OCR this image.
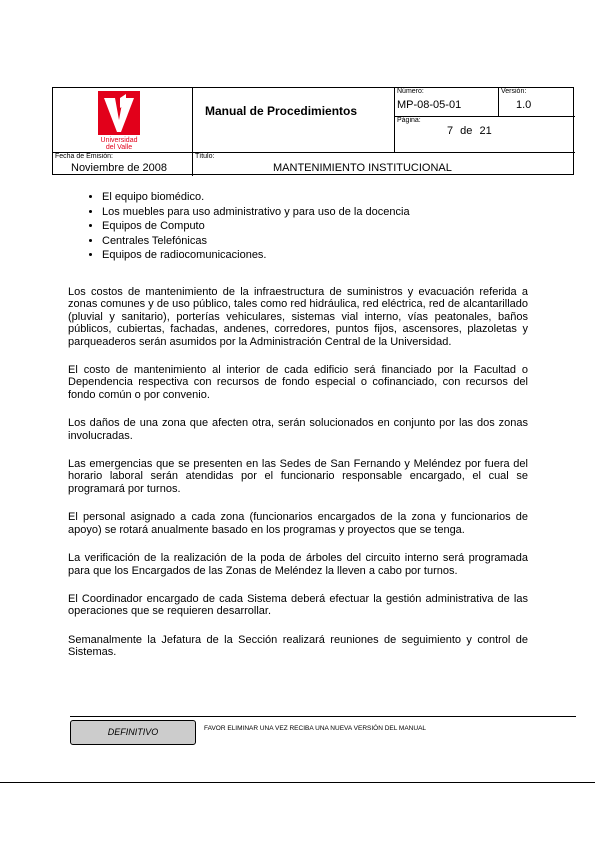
Universidad
del Valle
Manual de Procedimientos
Número:
MP-08-05-01
Versión:
1.0
Página:
7 de 21
Fecha de Emisión:
Noviembre de 2008
Título:
MANTENIMIENTO INSTITUCIONAL
• El equipo biomédico.
• Los muebles para uso administrativo y para uso de la docencia
• Equipos de Computo
• Centrales Telefónicas
• Equipos de radiocomunicaciones.

Los costos de mantenimiento de la infraestructura de suministros y evacuación referida a zonas comunes y de uso público, tales como red hidráulica, red eléctrica, red de alcantarillado (pluvial y sanitario), porterías vehiculares, sistemas vial interno, vías peatonales, baños públicos, cubiertas, fachadas, andenes, corredores, puntos fijos, ascensores, plazoletas y parqueaderos serán asumidos por la Administración Central de la Universidad.

El costo de mantenimiento al interior de cada edificio será financiado por la Facultad o Dependencia respectiva con recursos de fondo especial o cofinanciado, con recursos del fondo común o por convenio.

Los daños de una zona que afecten otra, serán solucionados en conjunto por las dos zonas involucradas.

Las emergencias que se presenten en las Sedes de San Fernando y Meléndez por fuera del horario laboral serán atendidas por el funcionario responsable encargado, el cual se programará por turnos.

El personal asignado a cada zona (funcionarios encargados de la zona y funcionarios de apoyo) se rotará anualmente basado en los programas y proyectos que se tenga.

La verificación de la realización de la poda de árboles del circuito interno será programada para que los Encargados de las Zonas de Meléndez la lleven a cabo por turnos.

El Coordinador encargado de cada Sistema deberá efectuar la gestión administrativa de las operaciones que se requieren desarrollar.

Semanalmente la Jefatura de la Sección realizará reuniones de seguimiento y control de Sistemas.

DEFINITIVO	FAVOR ELIMINAR UNA VEZ RECIBA UNA NUEVA VERSIÓN DEL MANUAL
